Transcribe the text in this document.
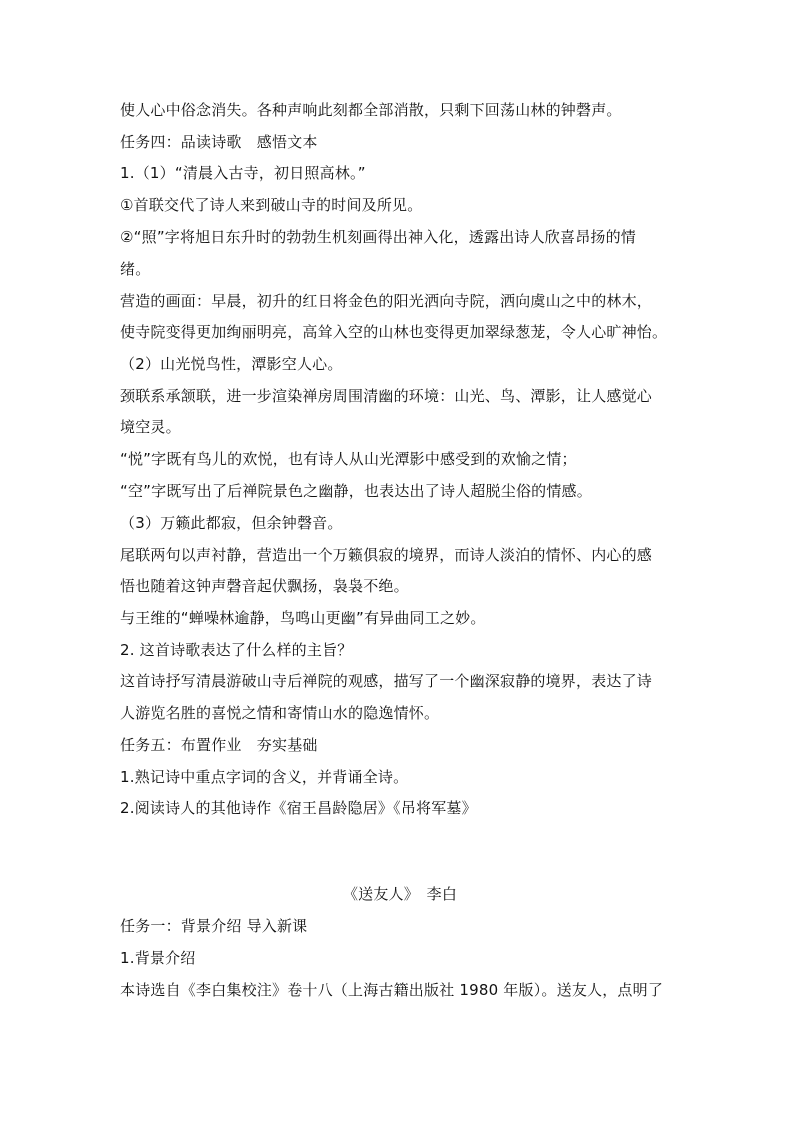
使人心中俗念消失。各种声响此刻都全部消散，只剩下回荡山林的钟磬声。
任务四：品读诗歌　感悟文本
1.（1）“清晨入古寺，初日照高林。”
①首联交代了诗人来到破山寺的时间及所见。
②“照”字将旭日东升时的勃勃生机刻画得出神入化，透露出诗人欣喜昂扬的情
绪。
营造的画面：早晨，初升的红日将金色的阳光洒向寺院，洒向虞山之中的林木，
使寺院变得更加绚丽明亮，高耸入空的山林也变得更加翠绿葱茏，令人心旷神怡。
（2）山光悦鸟性，潭影空人心。
颈联系承颔联，进一步渲染禅房周围清幽的环境：山光、鸟、潭影，让人感觉心
境空灵。
“悦”字既有鸟儿的欢悦，也有诗人从山光潭影中感受到的欢愉之情；
“空”字既写出了后禅院景色之幽静，也表达出了诗人超脱尘俗的情感。
（3）万籁此都寂，但余钟磬音。
尾联两句以声衬静，营造出一个万籁俱寂的境界，而诗人淡泊的情怀、内心的感
悟也随着这钟声磬音起伏飘扬，袅袅不绝。
与王维的“蝉噪林逾静，鸟鸣山更幽”有异曲同工之妙。
2. 这首诗歌表达了什么样的主旨？
这首诗抒写清晨游破山寺后禅院的观感，描写了一个幽深寂静的境界，表达了诗
人游览名胜的喜悦之情和寄情山水的隐逸情怀。
任务五：布置作业　夯实基础
1.熟记诗中重点字词的含义，并背诵全诗。
2.阅读诗人的其他诗作《宿王昌龄隐居》《吊将军墓》
《送友人》　李白
任务一：背景介绍 导入新课
1.背景介绍
本诗选自《李白集校注》卷十八（上海古籍出版社 1980 年版）。送友人，点明了
